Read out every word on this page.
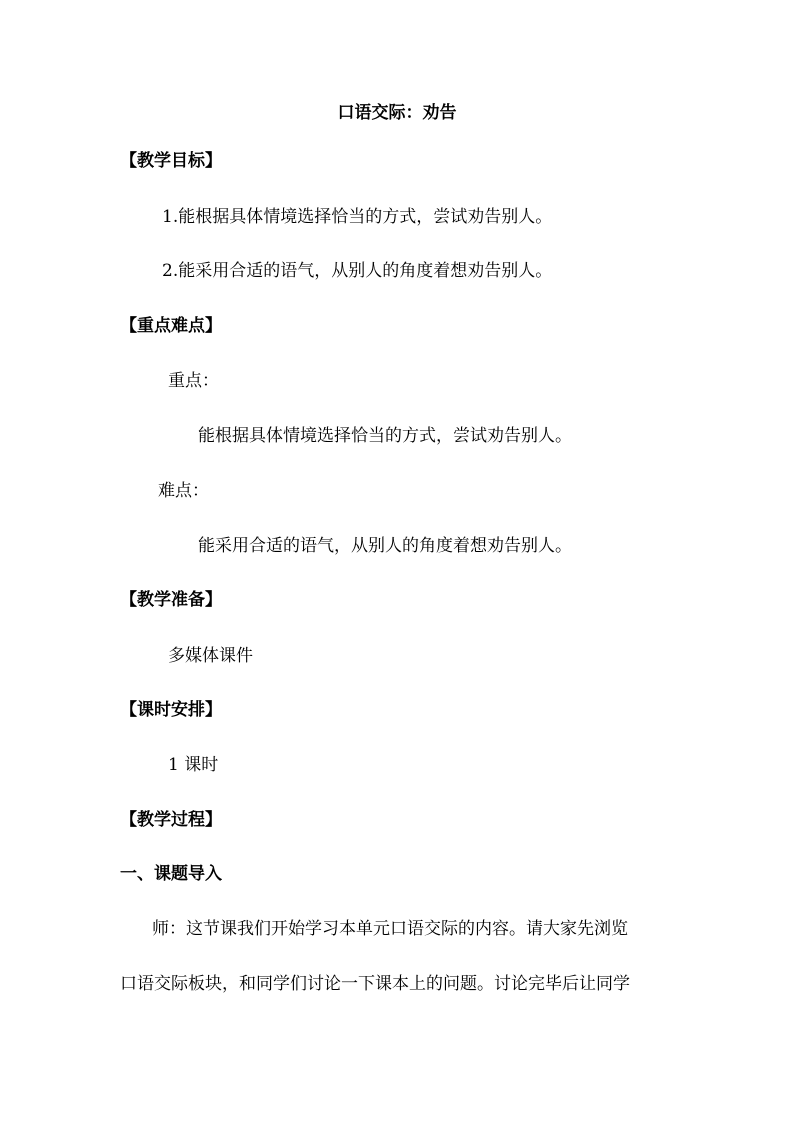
口语交际：劝告
【教学目标】
1.能根据具体情境选择恰当的方式，尝试劝告别人。
2.能采用合适的语气，从别人的角度着想劝告别人。
【重点难点】
重点：
能根据具体情境选择恰当的方式，尝试劝告别人。
难点：
能采用合适的语气，从别人的角度着想劝告别人。
【教学准备】
多媒体课件
【课时安排】
1 课时
【教学过程】
一、课题导入
师：这节课我们开始学习本单元口语交际的内容。请大家先浏览
口语交际板块，和同学们讨论一下课本上的问题。讨论完毕后让同学
